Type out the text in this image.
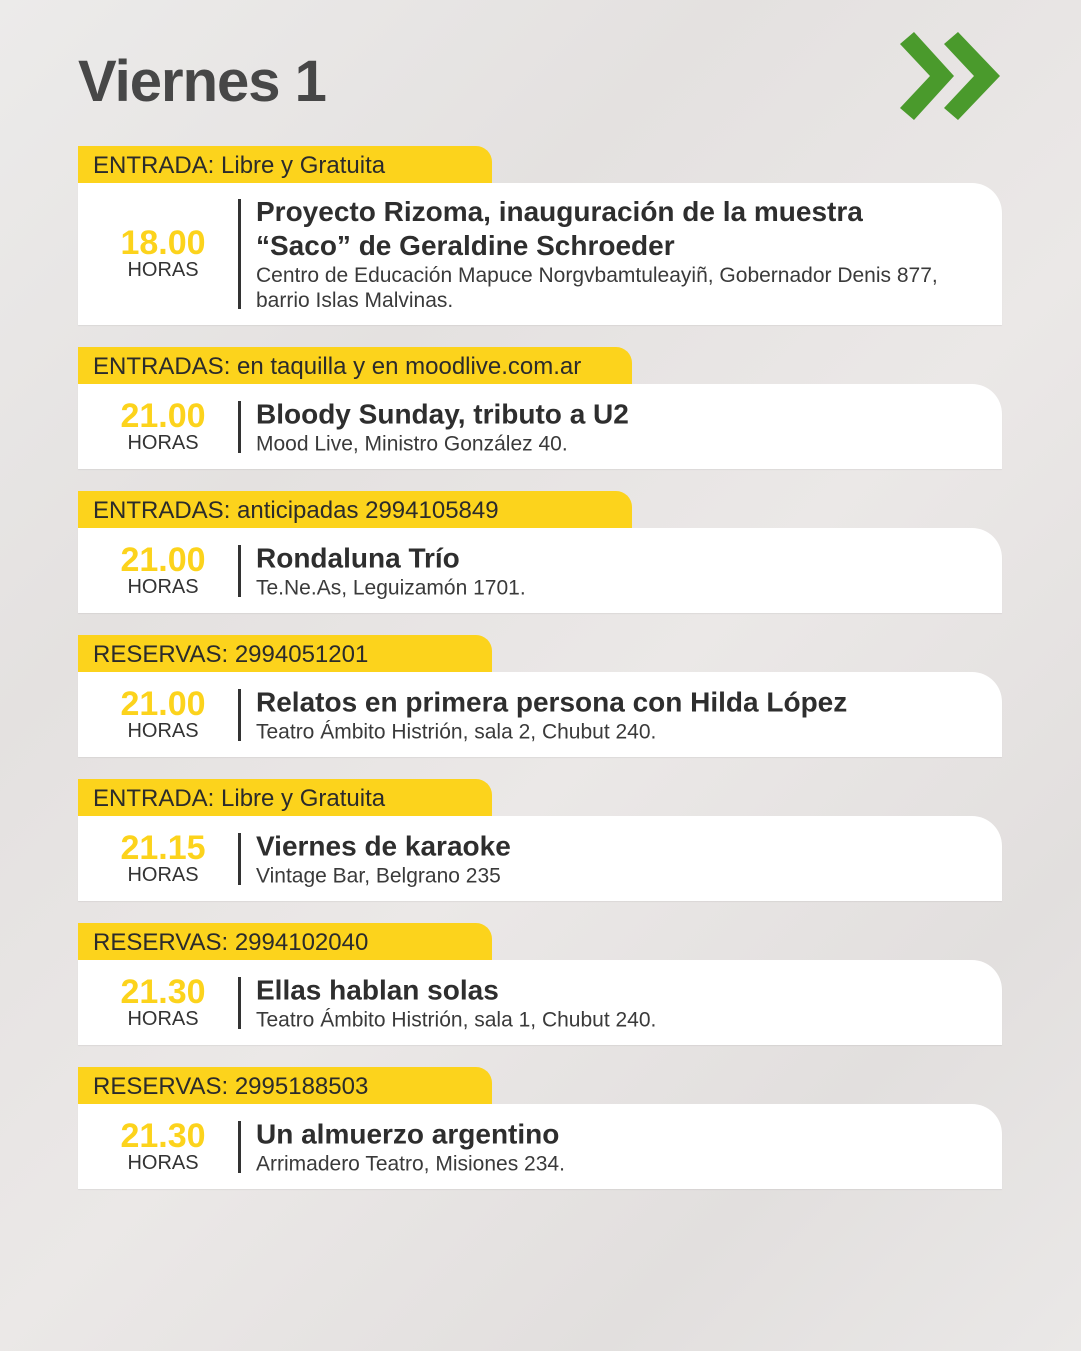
Viernes 1
ENTRADA: Libre y Gratuita
18.00
HORAS
Proyecto Rizoma, inauguración de la muestra “Saco” de Geraldine Schroeder
Centro de Educación Mapuce Norgvbamtuleayiñ, Gobernador Denis 877, barrio Islas Malvinas.
ENTRADAS: en taquilla y en moodlive.com.ar
21.00
HORAS
Bloody Sunday, tributo a U2
Mood Live, Ministro González 40.
ENTRADAS: anticipadas 2994105849
21.00
HORAS
Rondaluna Trío
Te.Ne.As, Leguizamón 1701.
RESERVAS: 2994051201
21.00
HORAS
Relatos en primera persona con Hilda López
Teatro Ámbito Histrión, sala 2, Chubut 240.
ENTRADA: Libre y Gratuita
21.15
HORAS
Viernes de karaoke
Vintage Bar, Belgrano 235
RESERVAS: 2994102040
21.30
HORAS
Ellas hablan solas
Teatro Ámbito Histrión, sala 1, Chubut 240.
RESERVAS: 2995188503
21.30
HORAS
Un almuerzo argentino
Arrimadero Teatro, Misiones 234.
